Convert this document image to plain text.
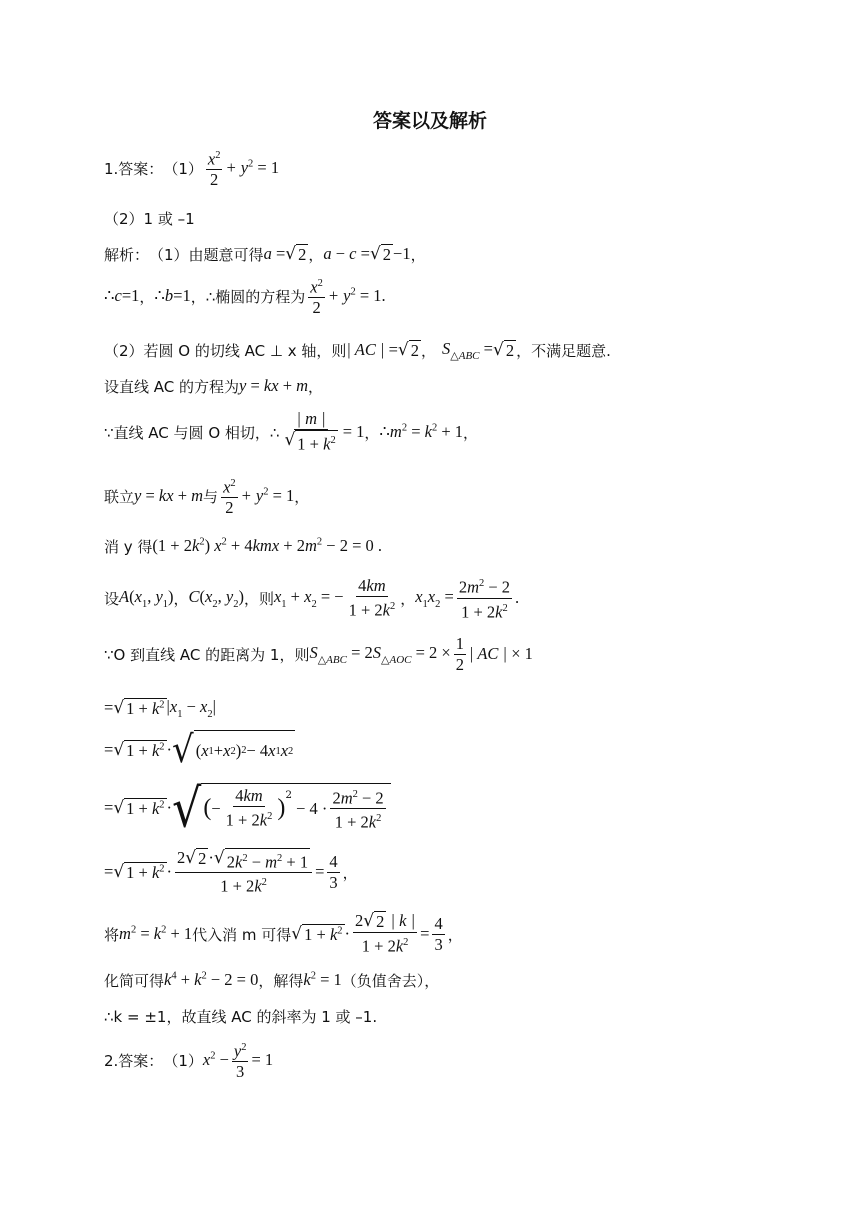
答案以及解析
1.答案： $(1) \frac{x^2}{2} + y^2 = 1$
（2）1 或 –1
解析： （1）由题意可得 a = √ 2 ， a − c = √ 2 −1 ，
∴ c =1 ， ∴ b =1 ， ∴椭圆的方程为 $\frac{x^2}{2} + y^2 = 1$.
（2）若圆 O 的切线 AC ⊥ x 轴，则 | AC | = √ 2 ， $S_{\triangle ABC}$ = √ 2 ，不满足题意.
设直线 AC 的方程为 y = kx + m ，
∵直线 AC 与圆 O 相切，∴ $\frac{| m |}{√ 1 + k^2} = 1$ ， ∴ $m^2 = k^2 + 1$ ，
联立 y = kx + m 与 $\frac{x^2}{2} + y^2 = 1$ ，
消 y 得 $(1 + 2k^2)$ $x^2 + 4kmx + 2m^2 - 2 = 0$ .
设 $A(x_1$, $y_1$) ， $C(x_2$, $y_2$) ，则 $x_1 + x_2$ = − $\frac{4km}{1 + 2k^2}$ ， $x_1x_2 = \frac{2m^2 - 2}{1 + 2k^2}$ .
∵O 到直线 AC 的距离为 1，则 $S_{\triangle ABC} = 2S_{\triangle AOC} = 2 \times \frac{1}{2}$ | AC | × 1
= √ $1 + k^2$ $|x_1 - x_2|$
= √ $1 + k^2$ · √ ( $x_1 + x_2$ ) 2 − 4 $x_1$ $x_2$
= √ $1 + k^2$ · √ ( − $\frac{4km}{1 + 2k^2}$ )
$^2$
− $4 \cdot \frac{2m^2 - 2}{1 + 2k^2}$
= √ $1 + k^2 \cdot \frac{2 √ 2 \cdot √ 2k^2 - m^2 + 1}{1 + 2k^2} = \frac{4}{3}$ ，
将 $m^2 = k^2 + 1$ 代入消 m 可得 √ $1 + k^2 \cdot \frac{2 √ 2 | k |}{1 + 2k^2} = \frac{4}{3}$ ，
化简可得 $k^4 + k^2 - 2 = 0$ ，解得 $k^2 = 1$ （负值舍去），
∴k = ±1，故直线 AC 的斜率为 1 或 –1.
2.答案： （1） $x^2 - \frac{y^2}{3} = 1$
